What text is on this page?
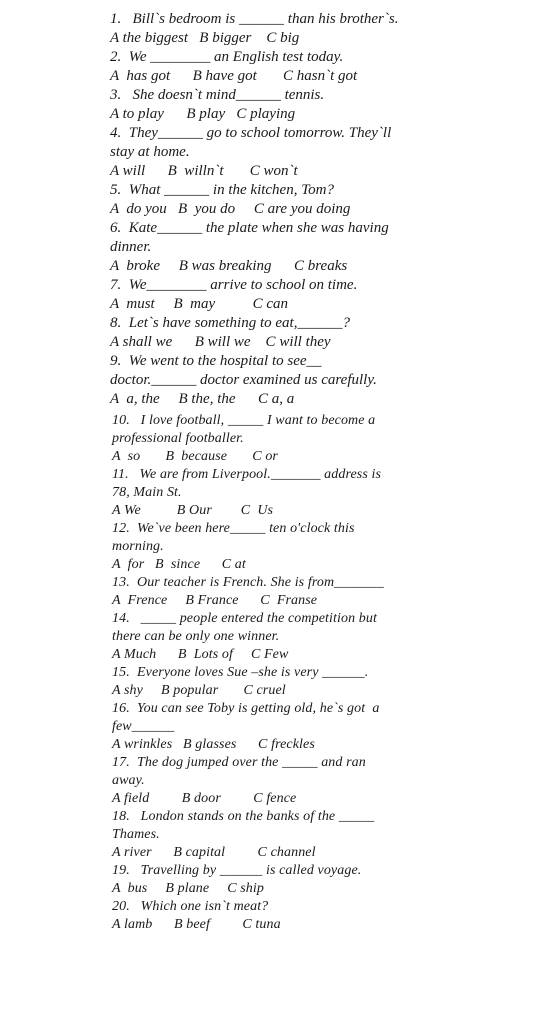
1.   Bill`s bedroom is ______ than his brother`s.
A the biggest   B bigger    C big
2.  We ________ an English test today.
A  has got      B have got       C hasn`t got
3.   She doesn`t mind______ tennis.
A to play      B play   C playing
4.  They______ go to school tomorrow. They`ll
stay at home.
A will      B  willn`t       C won`t
5.  What ______ in the kitchen, Tom?
A  do you   B  you do     C are you doing
6.  Kate______ the plate when she was having
dinner.
A  broke     B was breaking      C breaks
7.  We________ arrive to school on time.
A  must     B  may          C can
8.  Let`s have something to eat,______?
A shall we      B will we    C will they
9.  We went to the hospital to see__
doctor.______ doctor examined us carefully.
A  a, the     B the, the      C a, a
10.   I love football, _____ I want to become a
professional footballer.
A  so       B  because       C or
11.   We are from Liverpool._______ address is
78, Main St.
A We          B Our        C  Us
12.  We`ve been here_____ ten o'clock this
morning.
A  for   B  since      C at
13.  Our teacher is French. She is from_______
A  Frence     B France      C  Franse
14.   _____ people entered the competition but
there can be only one winner.
A Much      B  Lots of     C Few
15.  Everyone loves Sue –she is very ______.
A shy     B popular       C cruel
16.  You can see Toby is getting old, he`s got  a
few______
A wrinkles   B glasses      C freckles
17.  The dog jumped over the _____ and ran
away.
A field         B door         C fence
18.   London stands on the banks of the _____
Thames.
A river      B capital         C channel
19.   Travelling by ______ is called voyage.
A  bus     B plane     C ship
20.   Which one isn`t meat?
A lamb      B beef         C tuna
